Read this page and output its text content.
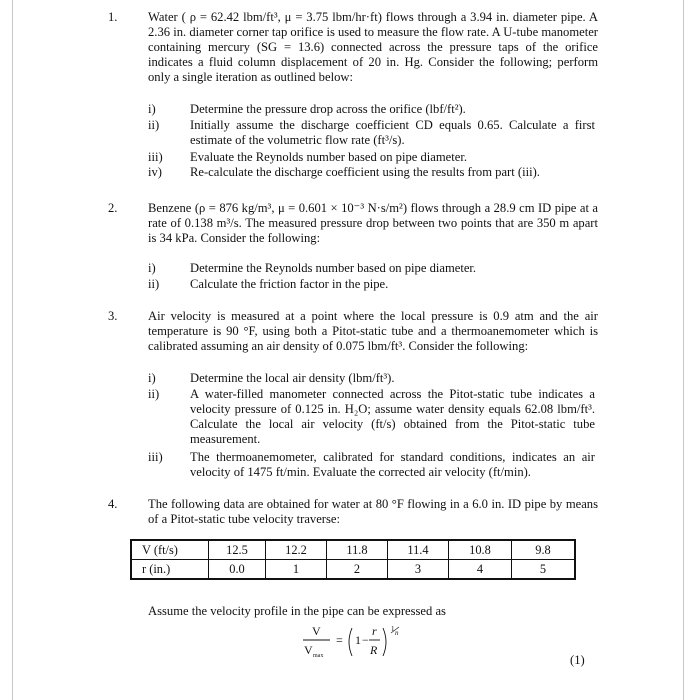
1. Water ( ρ = 62.42 lbm/ft³, μ = 3.75 lbm/hr·ft) flows through a 3.94 in. diameter pipe. A 2.36 in. diameter corner tap orifice is used to measure the flow rate. A U-tube manometer containing mercury (SG = 13.6) connected across the pressure taps of the orifice indicates a fluid column displacement of 20 in. Hg. Consider the following; perform only a single iteration as outlined below:
i)	Determine the pressure drop across the orifice (lbf/ft²).
ii) Initially assume the discharge coefficient CD equals 0.65. Calculate a first estimate of the volumetric flow rate (ft³/s).
iii) Evaluate the Reynolds number based on pipe diameter.
iv) Re-calculate the discharge coefficient using the results from part (iii).
2. Benzene (ρ = 876 kg/m³, μ = 0.601 × 10⁻³ N·s/m²) flows through a 28.9 cm ID pipe at a rate of 0.138 m³/s. The measured pressure drop between two points that are 350 m apart is 34 kPa. Consider the following:
i)	Determine the Reynolds number based on pipe diameter.
ii) Calculate the friction factor in the pipe.
3. Air velocity is measured at a point where the local pressure is 0.9 atm and the air temperature is 90 °F, using both a Pitot-static tube and a thermoanemometer which is calibrated assuming an air density of 0.075 lbm/ft³. Consider the following:
i)	Determine the local air density (lbm/ft³).
ii) A water-filled manometer connected across the Pitot-static tube indicates a velocity pressure of 0.125 in. H₂O; assume water density equals 62.08 lbm/ft³. Calculate the local air velocity (ft/s) obtained from the Pitot-static tube measurement.
iii) The thermoanemometer, calibrated for standard conditions, indicates an air velocity of 1475 ft/min. Evaluate the corrected air velocity (ft/min).
4. The following data are obtained for water at 80 °F flowing in a 6.0 in. ID pipe by means of a Pitot-static tube velocity traverse:
V (ft/s)	12.5	12.2	11.8	11.4	10.8	9.8
r (in.)	0.0	1	2	3	4	5
Assume the velocity profile in the pipe can be expressed as
V
V max
= 1 −
r
R
1 n
(1)
